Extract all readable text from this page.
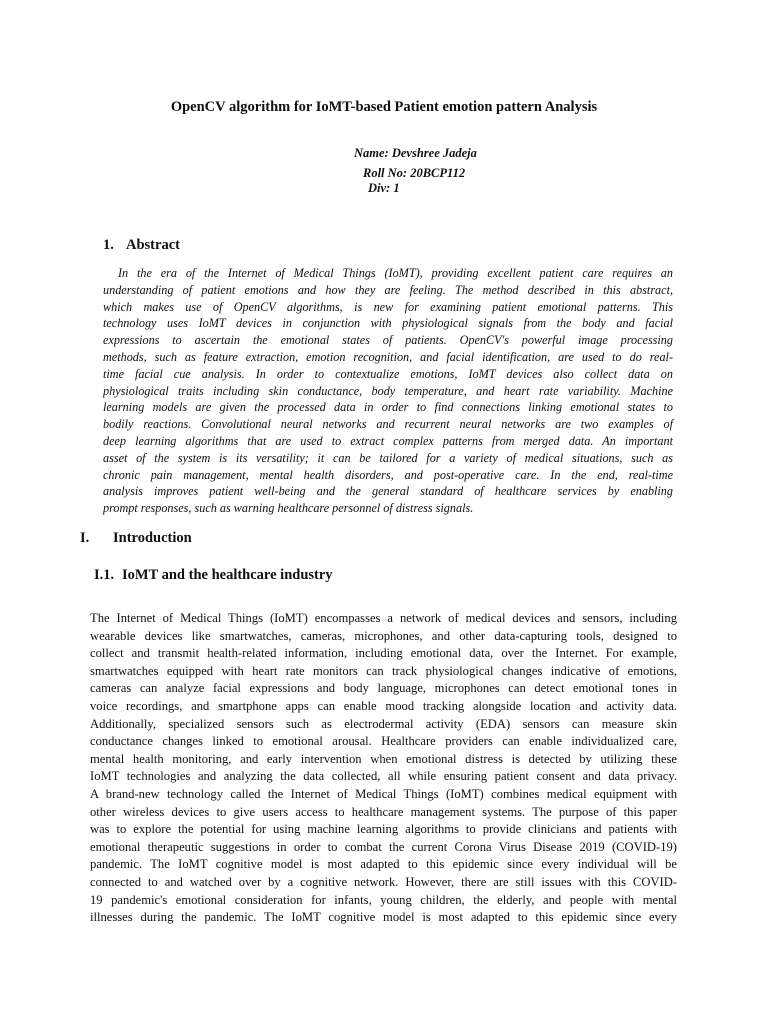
OpenCV algorithm for IoMT-based Patient emotion pattern Analysis
Name: Devshree Jadeja
Roll No: 20BCP112
Div: 1
1. Abstract
In the era of the Internet of Medical Things (IoMT), providing excellent patient care requires an
understanding of patient emotions and how they are feeling. The method described in this abstract,
which makes use of OpenCV algorithms, is new for examining patient emotional patterns. This
technology uses IoMT devices in conjunction with physiological signals from the body and facial
expressions to ascertain the emotional states of patients. OpenCV's powerful image processing
methods, such as feature extraction, emotion recognition, and facial identification, are used to do real-
time facial cue analysis. In order to contextualize emotions, IoMT devices also collect data on
physiological traits including skin conductance, body temperature, and heart rate variability. Machine
learning models are given the processed data in order to find connections linking emotional states to
bodily reactions. Convolutional neural networks and recurrent neural networks are two examples of
deep learning algorithms that are used to extract complex patterns from merged data. An important
asset of the system is its versatility; it can be tailored for a variety of medical situations, such as
chronic pain management, mental health disorders, and post-operative care. In the end, real-time
analysis improves patient well-being and the general standard of healthcare services by enabling
prompt responses, such as warning healthcare personnel of distress signals.
I. Introduction
I.1. IoMT and the healthcare industry
The Internet of Medical Things (IoMT) encompasses a network of medical devices and sensors, including
wearable devices like smartwatches, cameras, microphones, and other data-capturing tools, designed to
collect and transmit health-related information, including emotional data, over the Internet. For example,
smartwatches equipped with heart rate monitors can track physiological changes indicative of emotions,
cameras can analyze facial expressions and body language, microphones can detect emotional tones in
voice recordings, and smartphone apps can enable mood tracking alongside location and activity data.
Additionally, specialized sensors such as electrodermal activity (EDA) sensors can measure skin
conductance changes linked to emotional arousal. Healthcare providers can enable individualized care,
mental health monitoring, and early intervention when emotional distress is detected by utilizing these
IoMT technologies and analyzing the data collected, all while ensuring patient consent and data privacy.
A brand-new technology called the Internet of Medical Things (IoMT) combines medical equipment with
other wireless devices to give users access to healthcare management systems. The purpose of this paper
was to explore the potential for using machine learning algorithms to provide clinicians and patients with
emotional therapeutic suggestions in order to combat the current Corona Virus Disease 2019 (COVID-19)
pandemic. The IoMT cognitive model is most adapted to this epidemic since every individual will be
connected to and watched over by a cognitive network. However, there are still issues with this COVID-
19 pandemic's emotional consideration for infants, young children, the elderly, and people with mental
illnesses during the pandemic. The IoMT cognitive model is most adapted to this epidemic since every
